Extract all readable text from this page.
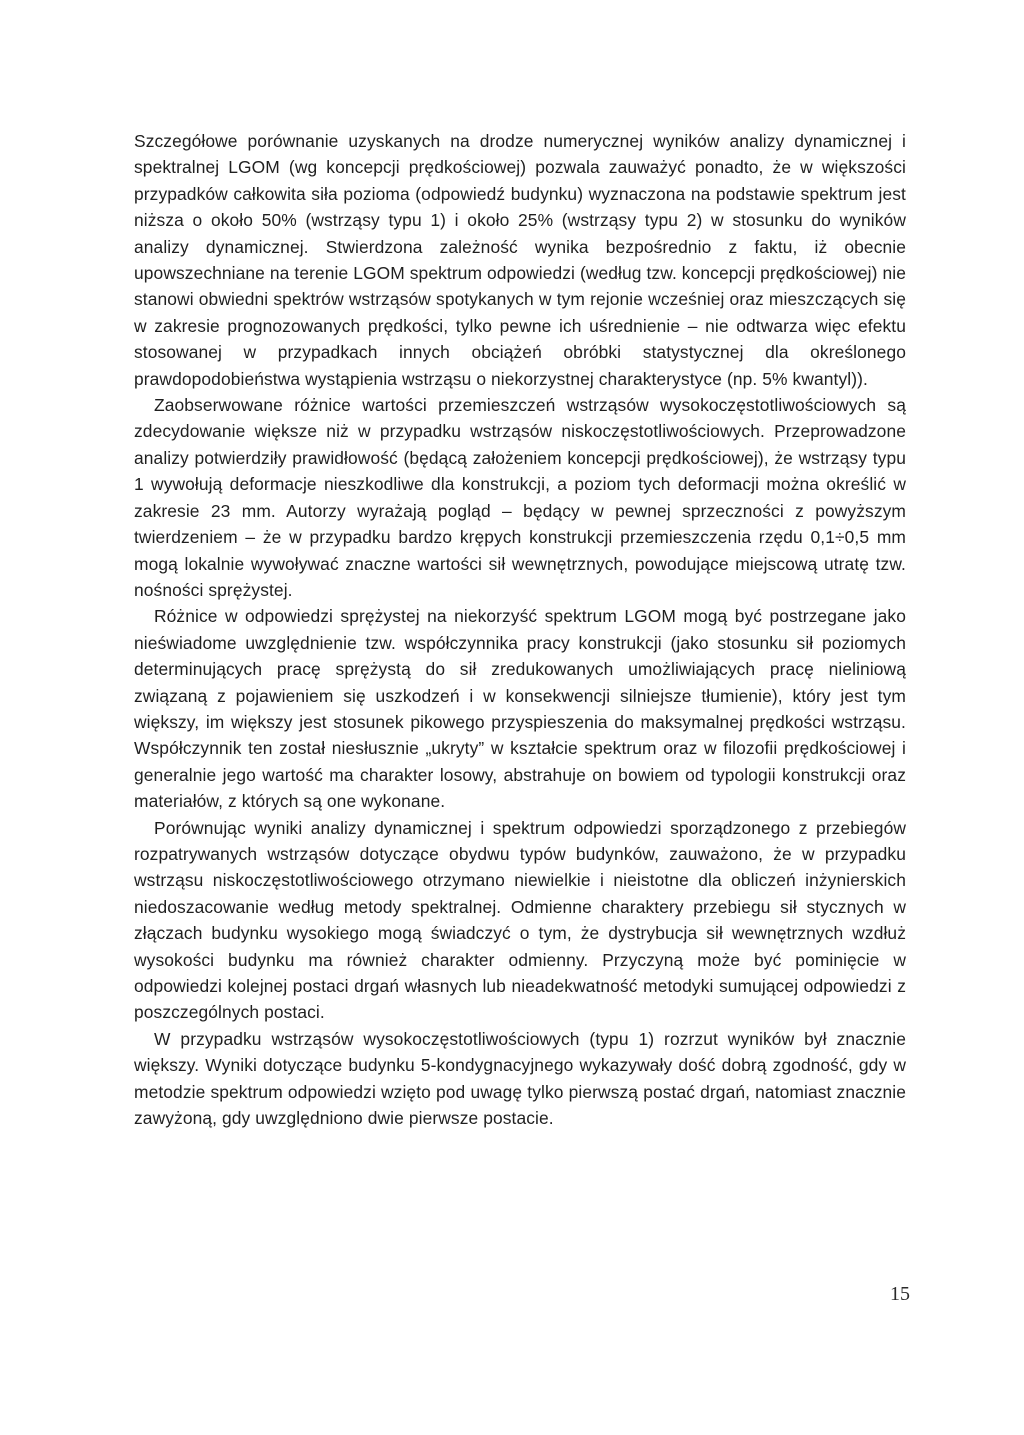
Szczegółowe porównanie uzyskanych na drodze numerycznej wyników analizy dynamicznej i spektralnej LGOM (wg koncepcji prędkościowej) pozwala zauważyć ponadto, że w większości przypadków całkowita siła pozioma (odpowiedź budynku) wyznaczona na podstawie spektrum jest niższa o około 50% (wstrząsy typu 1) i około 25% (wstrząsy typu 2) w stosunku do wyników analizy dynamicznej. Stwierdzona zależność wynika bezpośrednio z faktu, iż obecnie upowszechniane na terenie LGOM spektrum odpowiedzi (według tzw. koncepcji prędkościowej) nie stanowi obwiedni spektrów wstrząsów spotykanych w tym rejonie wcześniej oraz mieszczących się w zakresie prognozowanych prędkości, tylko pewne ich uśrednienie – nie odtwarza więc efektu stosowanej w przypadkach innych obciążeń obróbki statystycznej dla określonego prawdopodobieństwa wystąpienia wstrząsu o niekorzystnej charakterystyce (np. 5% kwantyl)).

Zaobserwowane różnice wartości przemieszczeń wstrząsów wysokoczęstotliwościowych są zdecydowanie większe niż w przypadku wstrząsów niskoczęstotliwościowych. Przeprowadzone analizy potwierdziły prawidłowość (będącą założeniem koncepcji prędkościowej), że wstrząsy typu 1 wywołują deformacje nieszkodliwe dla konstrukcji, a poziom tych deformacji można określić w zakresie 23 mm. Autorzy wyrażają pogląd – będący w pewnej sprzeczności z powyższym twierdzeniem – że w przypadku bardzo krępych konstrukcji przemieszczenia rzędu 0,1÷0,5 mm mogą lokalnie wywoływać znaczne wartości sił wewnętrznych, powodujące miejscową utratę tzw. nośności sprężystej.

Różnice w odpowiedzi sprężystej na niekorzyść spektrum LGOM mogą być postrzegane jako nieświadome uwzględnienie tzw. współczynnika pracy konstrukcji (jako stosunku sił poziomych determinujących pracę sprężystą do sił zredukowanych umożliwiających pracę nieliniową związaną z pojawieniem się uszkodzeń i w konsekwencji silniejsze tłumienie), który jest tym większy, im większy jest stosunek pikowego przyspieszenia do maksymalnej prędkości wstrząsu. Współczynnik ten został niesłusznie „ukryty” w kształcie spektrum oraz w filozofii prędkościowej i generalnie jego wartość ma charakter losowy, abstrahuje on bowiem od typologii konstrukcji oraz materiałów, z których są one wykonane.

Porównując wyniki analizy dynamicznej i spektrum odpowiedzi sporządzonego z przebiegów rozpatrywanych wstrząsów dotyczące obydwu typów budynków, zauważono, że w przypadku wstrząsu niskoczęstotliwościowego otrzymano niewielkie i nieistotne dla obliczeń inżynierskich niedoszacowanie według metody spektralnej. Odmienne charaktery przebiegu sił stycznych w złączach budynku wysokiego mogą świadczyć o tym, że dystrybucja sił wewnętrznych wzdłuż wysokości budynku ma również charakter odmienny. Przyczyną może być pominięcie w odpowiedzi kolejnej postaci drgań własnych lub nieadekwatność metodyki sumującej odpowiedzi z poszczególnych postaci.

W przypadku wstrząsów wysokoczęstotliwościowych (typu 1) rozrzut wyników był znacznie większy. Wyniki dotyczące budynku 5-kondygnacyjnego wykazywały dość dobrą zgodność, gdy w metodzie spektrum odpowiedzi wzięto pod uwagę tylko pierwszą postać drgań, natomiast znacznie zawyżoną, gdy uwzględniono dwie pierwsze postacie.

15
